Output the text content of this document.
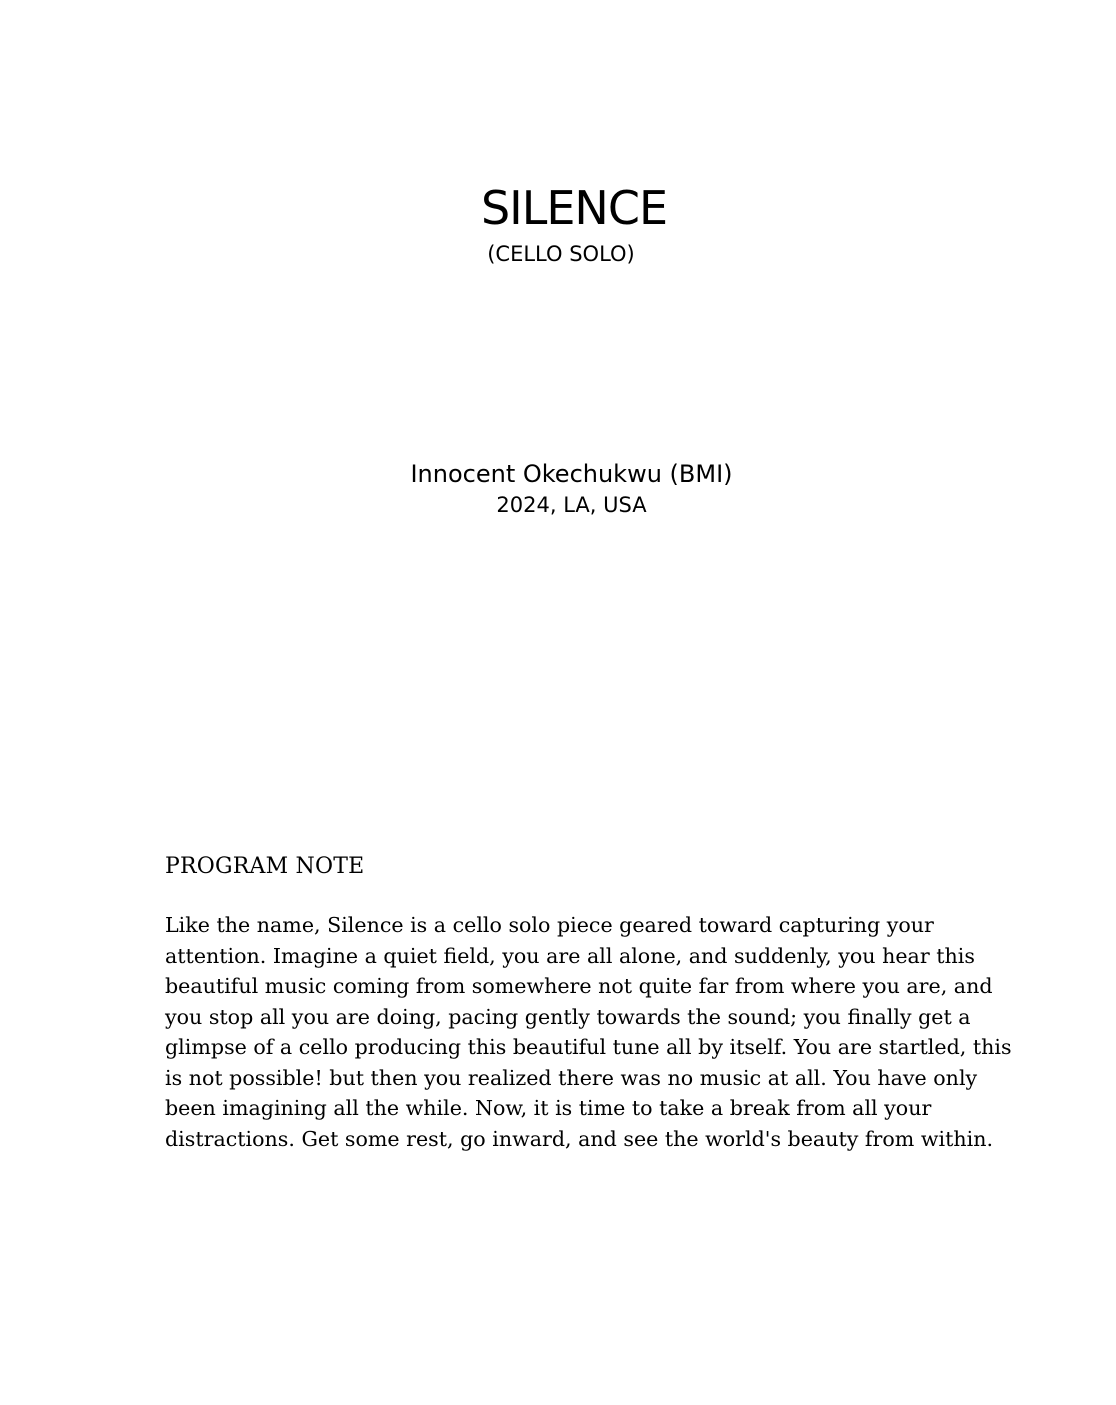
SILENCE
(CELLO SOLO)
Innocent Okechukwu (BMI)
2024, LA, USA
PROGRAM NOTE

Like the name, Silence is a cello solo piece geared toward capturing your attention. Imagine a quiet field, you are all alone, and suddenly, you hear this beautiful music coming from somewhere not quite far from where you are, and you stop all you are doing, pacing gently towards the sound; you finally get a glimpse of a cello producing this beautiful tune all by itself. You are startled, this is not possible! but then you realized there was no music at all. You have only been imagining all the while. Now, it is time to take a break from all your distractions. Get some rest, go inward, and see the world's beauty from within.
